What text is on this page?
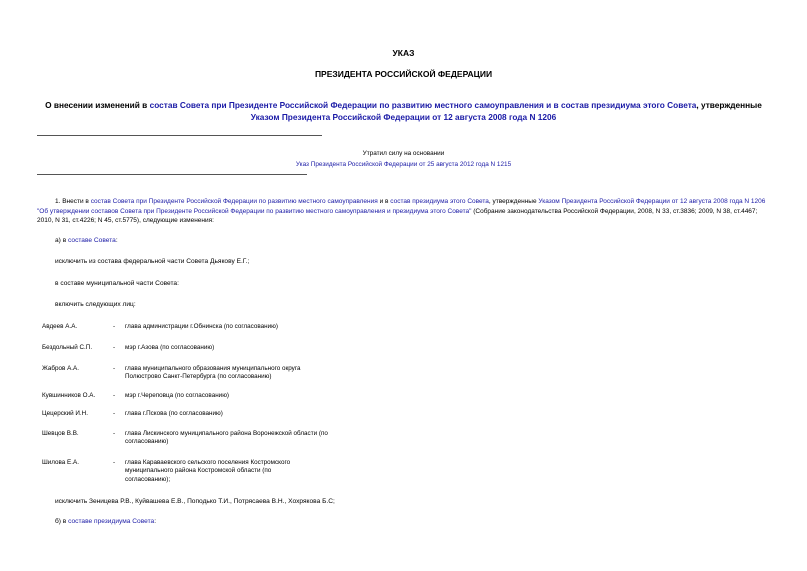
УКАЗ
ПРЕЗИДЕНТА РОССИЙСКОЙ ФЕДЕРАЦИИ
О внесении изменений в состав Совета при Президенте Российской Федерации по развитию местного самоуправления и в состав президиума этого Совета, утвержденные Указом Президента Российской Федерации от 12 августа 2008 года N 1206
Утратил силу на основании
Указ Президента Российской Федерации от 25 августа 2012 года N 1215
1. Внести в состав Совета при Президенте Российской Федерации по развитию местного самоуправления и в состав президиума этого Совета, утвержденные Указом Президента Российской Федерации от 12 августа 2008 года N 1206 "Об утверждении составов Совета при Президенте Российской Федерации по развитию местного самоуправления и президиума этого Совета" (Собрание законодательства Российской Федерации, 2008, N 33, ст.3836; 2009, N 38, ст.4467; 2010, N 31, ст.4226; N 45, ст.5775), следующие изменения:
а) в составе Совета:
исключить из состава федеральной части Совета Дьякову Е.Г.;
в составе муниципальной части Совета:
включить следующих лиц:
Авдеев А.А.	- глава администрации г.Обнинска (по согласованию)
Бездольный С.П.	- мэр г.Азова (по согласованию)
Жабров А.А.	- глава муниципального образования муниципального округа Полюстрово Санкт-Петербурга (по согласованию)
Кувшинников О.А.	- мэр г.Череповца (по согласованию)
Цецерский И.Н.	- глава г.Пскова (по согласованию)
Шевцов В.В.	- глава Лискинского муниципального района Воронежской области (по согласованию)
Шилова Е.А.	- глава Караваевского сельского поселения Костромского муниципального района Костромской области (по согласованию);
исключить Зеницева Р.В., Куйвашева Е.В., Поподько Т.И., Потрясаева В.Н., Хохрякова Б.С;
б) в составе президиума Совета:
